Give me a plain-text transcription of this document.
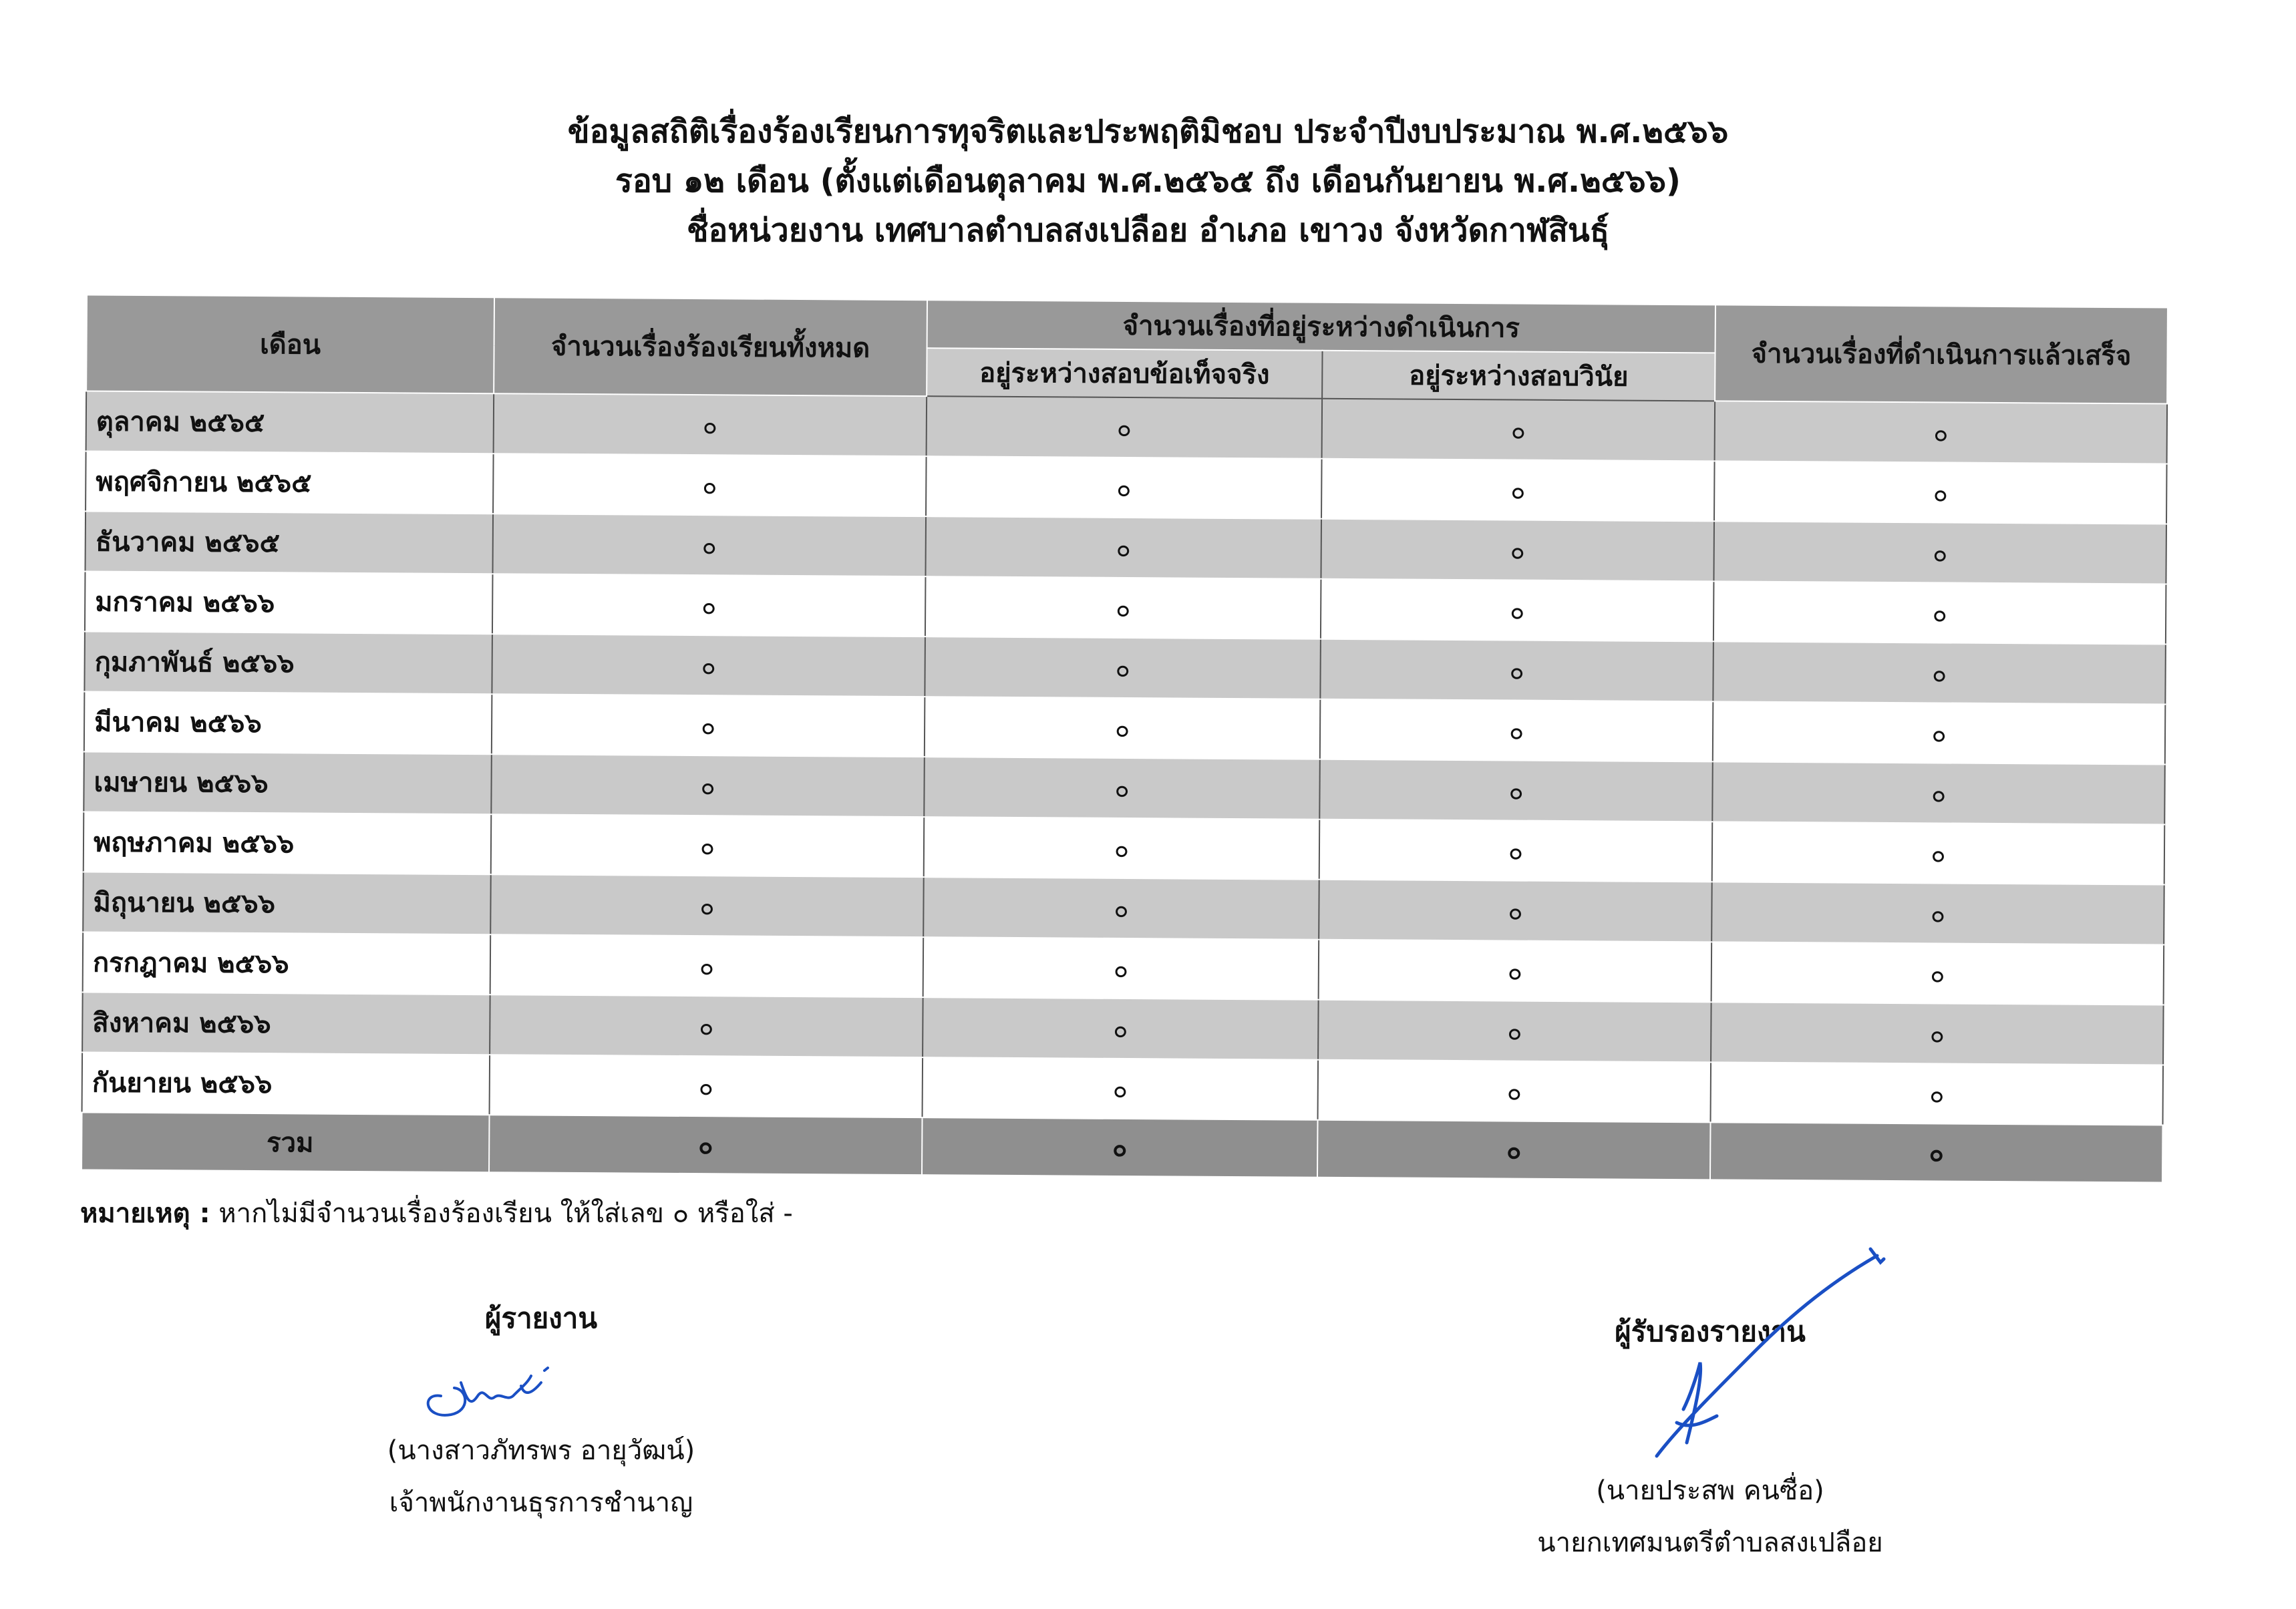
ข้อมูลสถิติเรื่องร้องเรียนการทุจริตและประพฤติมิชอบ ประจำปีงบประมาณ พ.ศ.๒๕๖๖
รอบ ๑๒ เดือน (ตั้งแต่เดือนตุลาคม พ.ศ.๒๕๖๕ ถึง เดือนกันยายน พ.ศ.๒๕๖๖)
ชื่อหน่วยงาน เทศบาลตำบลสงเปลือย อำเภอ เขาวง จังหวัดกาฬสินธุ์
เดือน	จำนวนเรื่องร้องเรียนทั้งหมด	จำนวนเรื่องที่อยู่ระหว่างดำเนินการ		จำนวนเรื่องที่ดำเนินการแล้วเสร็จ
		อยู่ระหว่างสอบข้อเท็จจริง	อยู่ระหว่างสอบวินัย	
ตุลาคม ๒๕๖๕	๐	๐	๐	๐
พฤศจิกายน ๒๕๖๕	๐	๐	๐	๐
ธันวาคม ๒๕๖๕	๐	๐	๐	๐
มกราคม ๒๕๖๖	๐	๐	๐	๐
กุมภาพันธ์ ๒๕๖๖	๐	๐	๐	๐
มีนาคม ๒๕๖๖	๐	๐	๐	๐
เมษายน ๒๕๖๖	๐	๐	๐	๐
พฤษภาคม ๒๕๖๖	๐	๐	๐	๐
มิถุนายน ๒๕๖๖	๐	๐	๐	๐
กรกฎาคม ๒๕๖๖	๐	๐	๐	๐
สิงหาคม ๒๕๖๖	๐	๐	๐	๐
กันยายน ๒๕๖๖	๐	๐	๐	๐
รวม	๐	๐	๐	๐
หมายเหตุ : หากไม่มีจำนวนเรื่องร้องเรียน ให้ใส่เลข ๐ หรือใส่ -
ผู้รายงาน
(นางสาวภัทรพร อายุวัฒน์)
เจ้าพนักงานธุรการชำนาญ
ผู้รับรองรายงาน
(นายประสพ คนซื่อ)
นายกเทศมนตรีตำบลสงเปลือย
